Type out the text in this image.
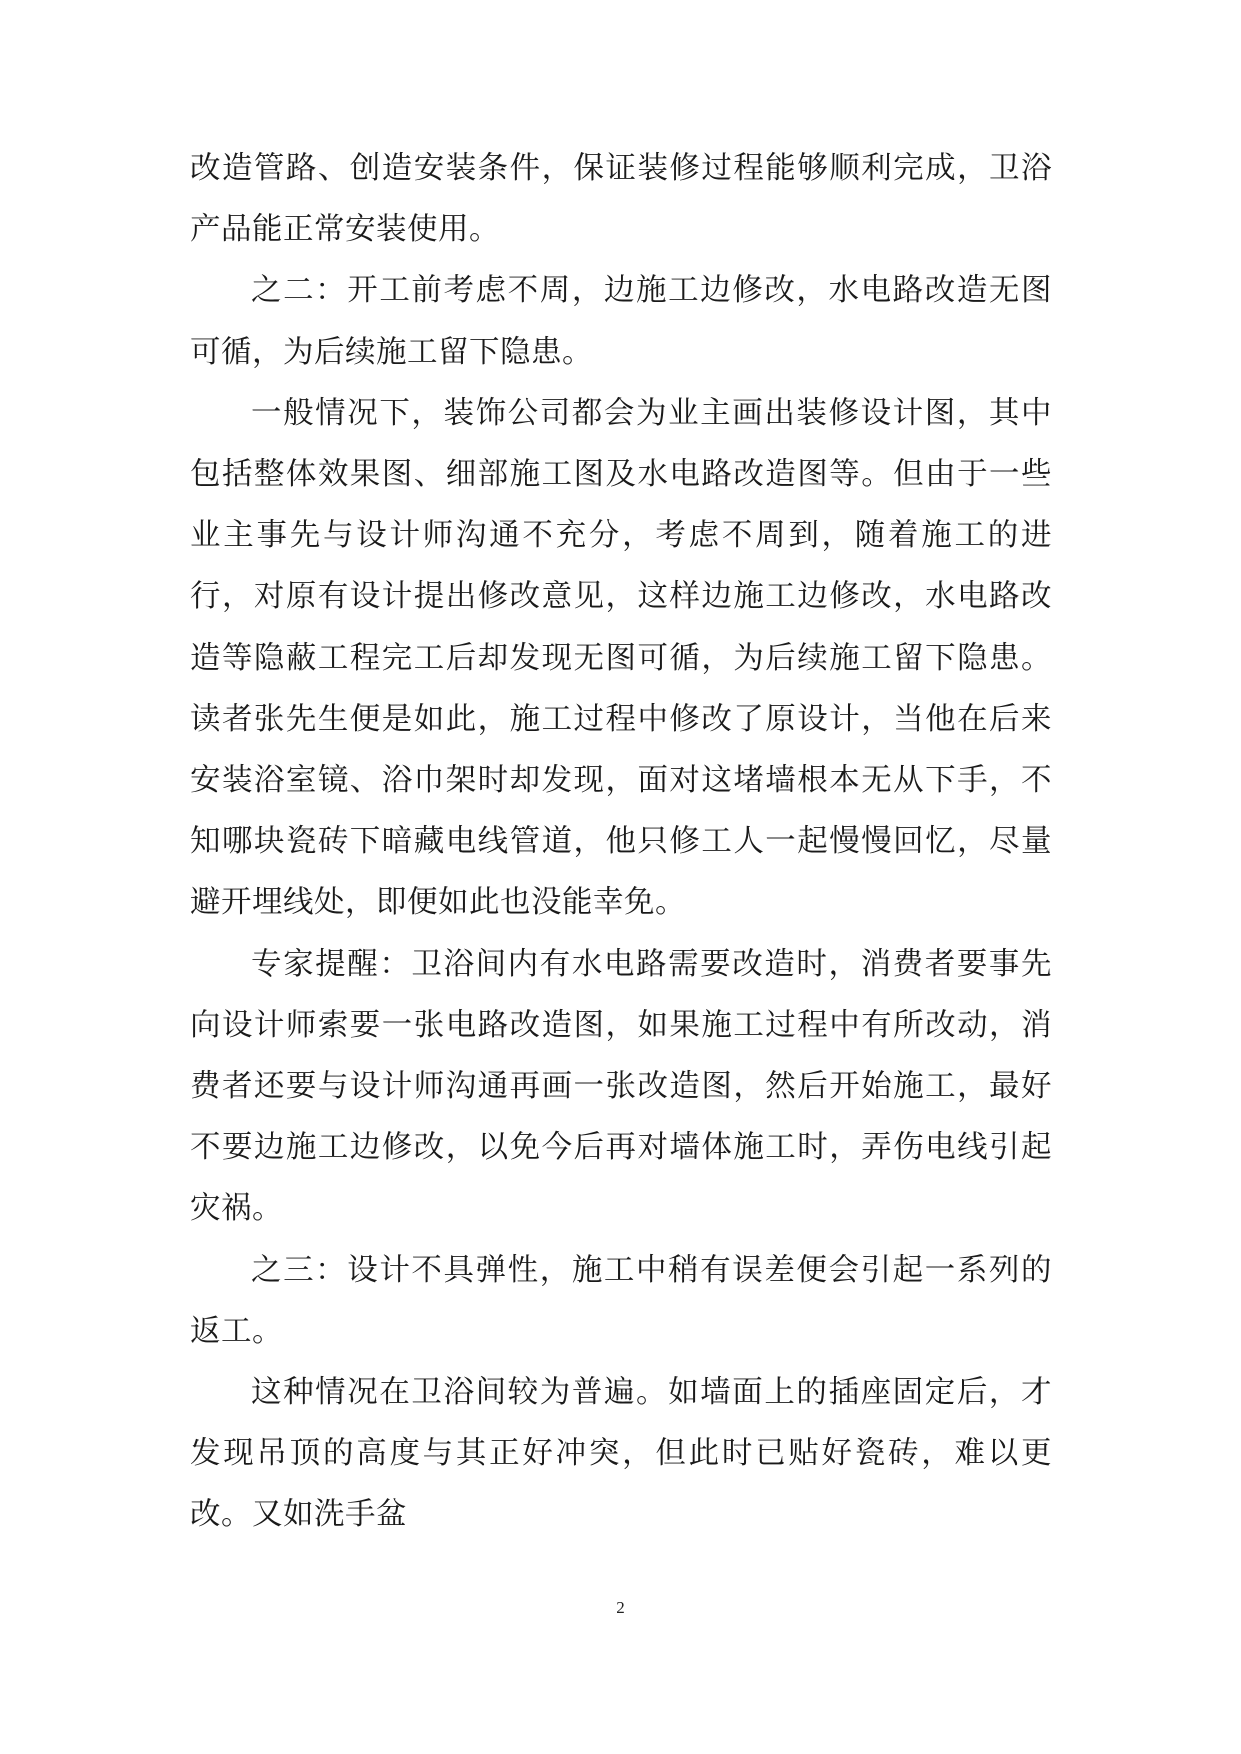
改造管路、创造安装条件，保证装修过程能够顺利完成，卫浴产品能正常安装使用。

之二：开工前考虑不周，边施工边修改，水电路改造无图可循，为后续施工留下隐患。

一般情况下，装饰公司都会为业主画出装修设计图，其中包括整体效果图、细部施工图及水电路改造图等。但由于一些业主事先与设计师沟通不充分，考虑不周到，随着施工的进行，对原有设计提出修改意见，这样边施工边修改，水电路改造等隐蔽工程完工后却发现无图可循，为后续施工留下隐患。读者张先生便是如此，施工过程中修改了原设计，当他在后来安装浴室镜、浴巾架时却发现，面对这堵墙根本无从下手，不知哪块瓷砖下暗藏电线管道，他只修工人一起慢慢回忆，尽量避开埋线处，即便如此也没能幸免。

专家提醒：卫浴间内有水电路需要改造时，消费者要事先向设计师索要一张电路改造图，如果施工过程中有所改动，消费者还要与设计师沟通再画一张改造图，然后开始施工，最好不要边施工边修改，以免今后再对墙体施工时，弄伤电线引起灾祸。

之三：设计不具弹性，施工中稍有误差便会引起一系列的返工。

这种情况在卫浴间较为普遍。如墙面上的插座固定后，才发现吊顶的高度与其正好冲突，但此时已贴好瓷砖，难以更改。又如洗手盆

2
